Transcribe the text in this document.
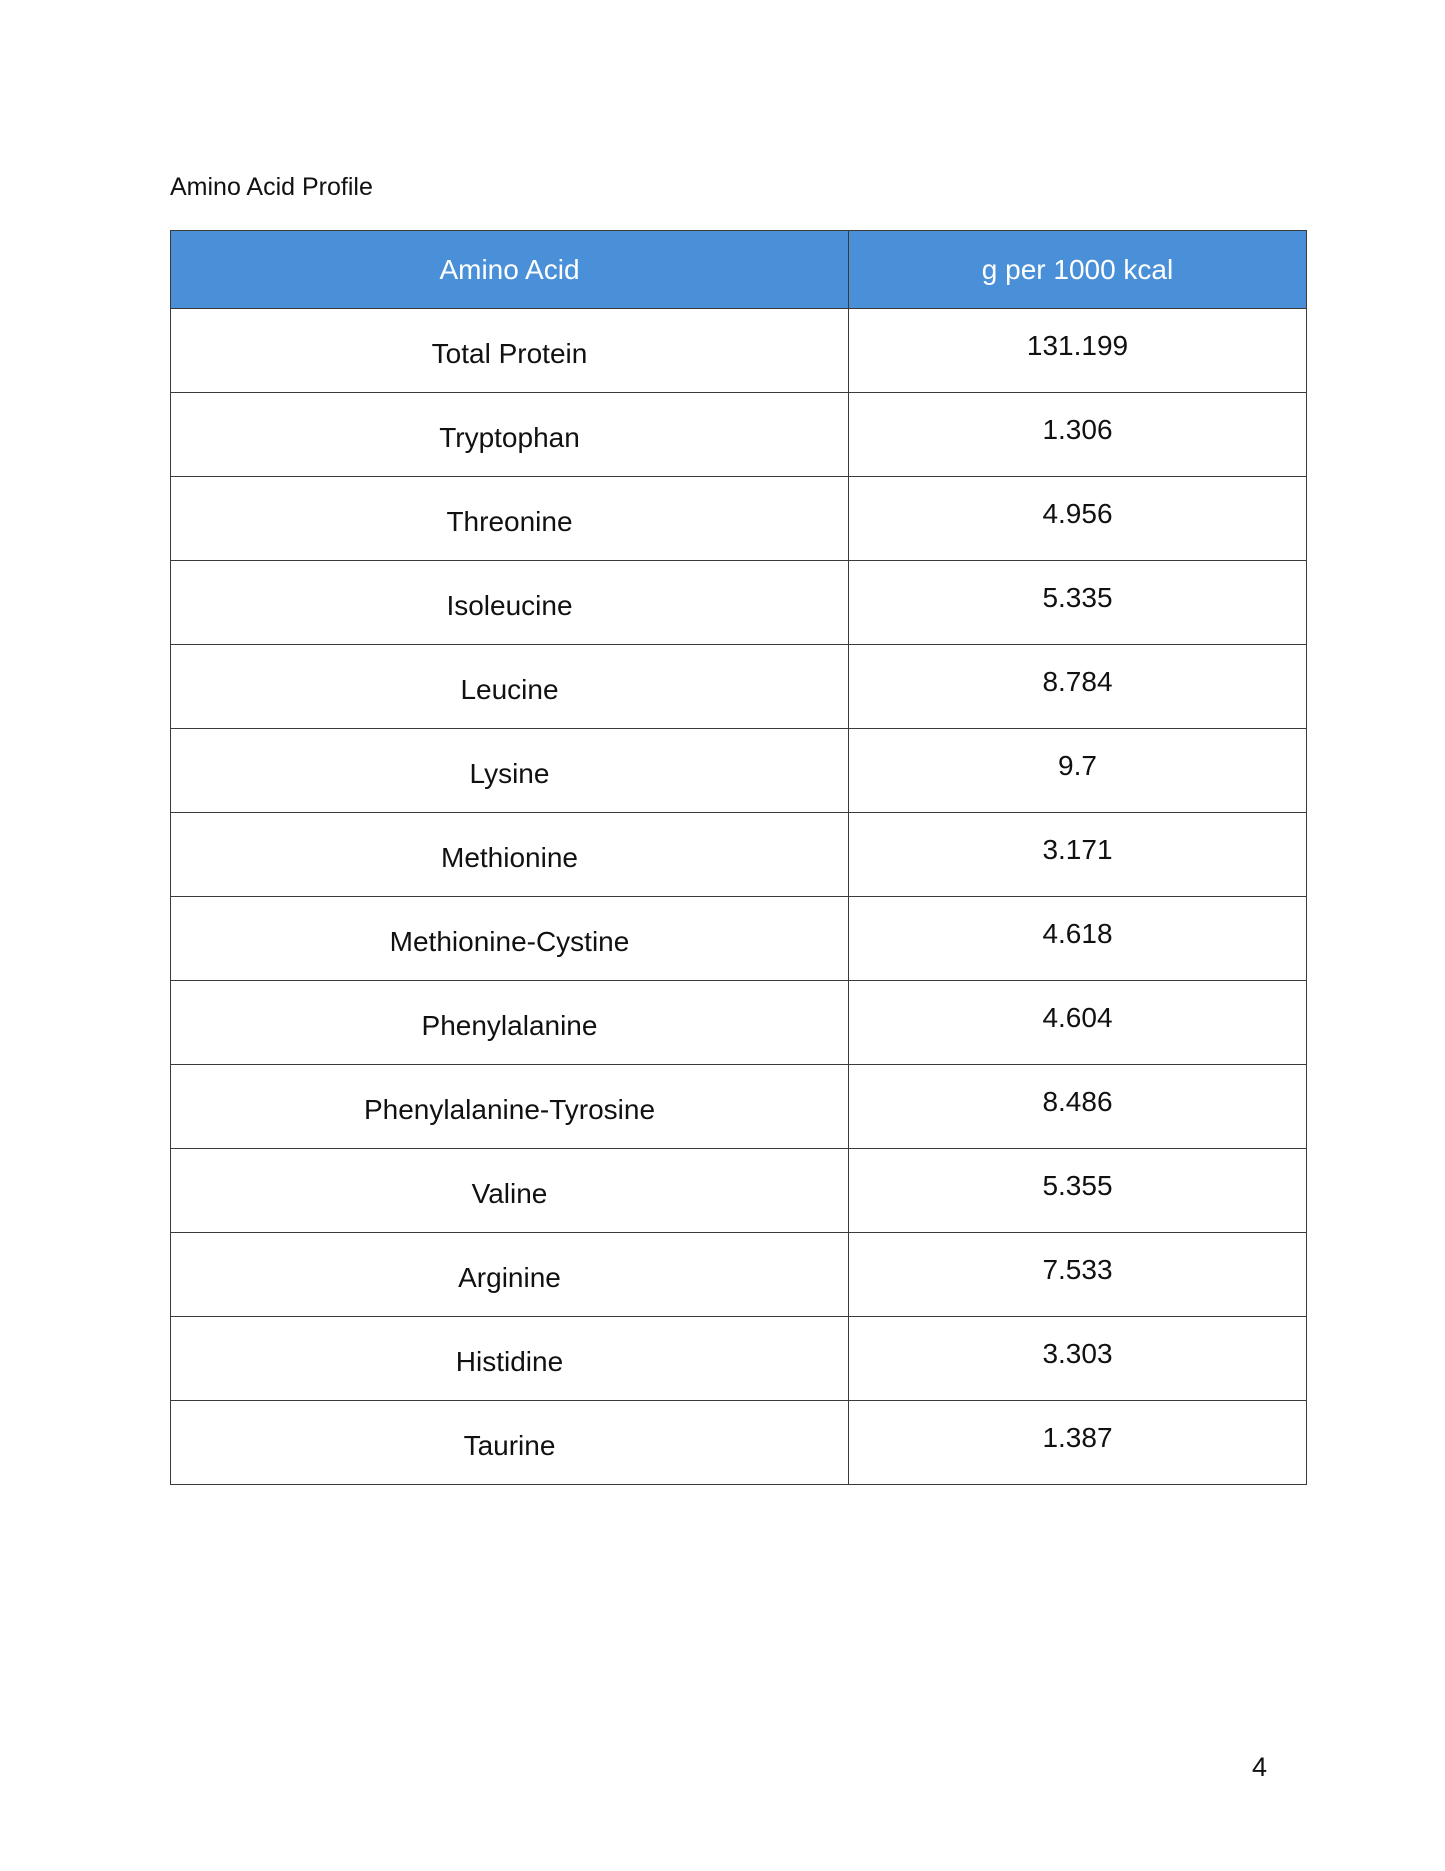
Amino Acid Profile
Amino Acid	g per 1000 kcal
Total Protein	131.199
Tryptophan	1.306
Threonine	4.956
Isoleucine	5.335
Leucine	8.784
Lysine	9.7
Methionine	3.171
Methionine-Cystine	4.618
Phenylalanine	4.604
Phenylalanine-Tyrosine	8.486
Valine	5.355
Arginine	7.533
Histidine	3.303
Taurine	1.387
4
